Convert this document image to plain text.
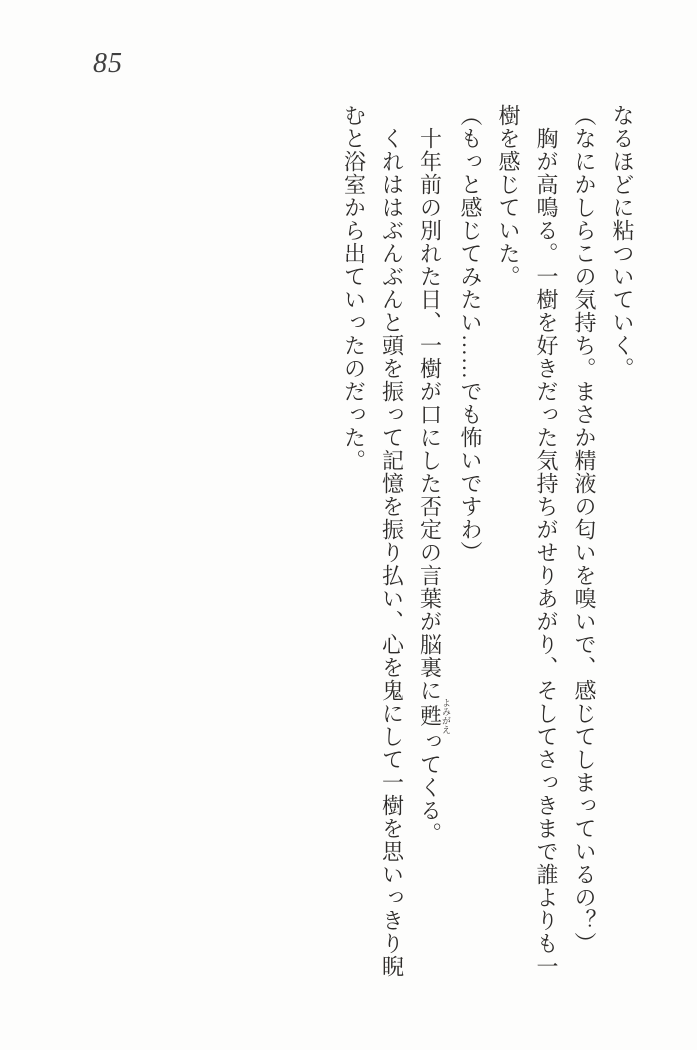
85
なるほどに粘ついていく。
（なにかしらこの気持ち。まさか精液の匂いを嗅いで、感じてしまっているの？）
　胸が高鳴る。一樹を好きだった気持ちがせりあがり、そしてさっきまで誰よりも一
樹を感じていた。
（もっと感じてみたい……でも怖いですわ）
　十年前の別れた日、一樹が口にした否定の言葉が脳裏に甦よみがえってくる。
　くれははぶんぶんと頭を振って記憶を振り払い、心を鬼にして一樹を思いっきり睨
むと浴室から出ていったのだった。
